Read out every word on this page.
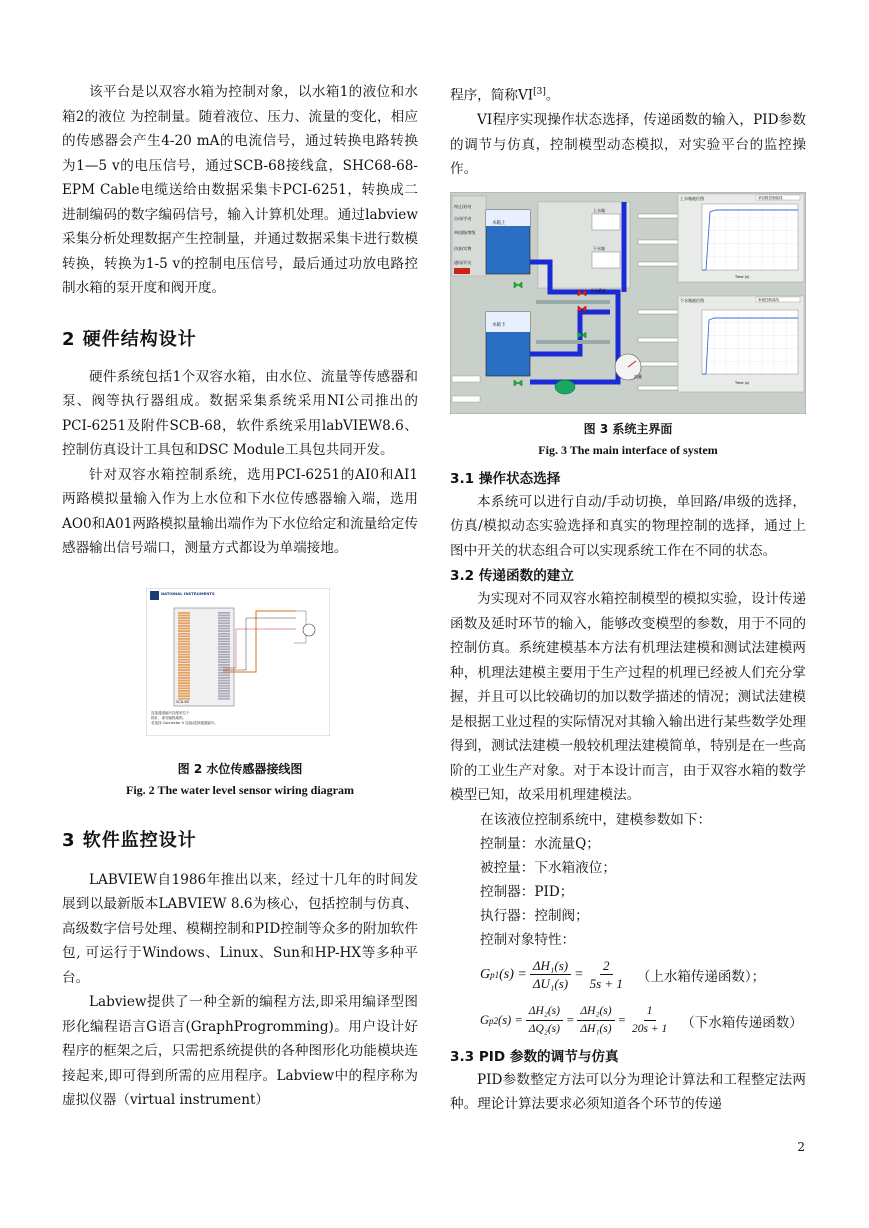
该平台是以双容水箱为控制对象，以水箱1的液位和水箱2的液位 为控制量。随着液位、压力、流量的变化，相应的传感器会产生4-20 mA的电流信号，通过转换电路转换为1—5 v的电压信号，通过SCB-68接线盒，SHC68-68-EPM Cable电缆送给由数据采集卡PCI-6251，转换成二进制编码的数字编码信号，输入计算机处理。通过labview采集分析处理数据产生控制量，并通过数据采集卡进行数模转换，转换为1-5 v的控制电压信号，最后通过功放电路控制水箱的泵开度和阀开度。

2 硬件结构设计

硬件系统包括1个双容水箱，由水位、流量等传感器和泵、阀等执行器组成。数据采集系统采用NI公司推出的PCI-6251及附件SCB-68，软件系统采用labVIEW8.6、控制仿真设计工具包和DSC Module工具包共同开发。

针对双容水箱控制系统，选用PCI-6251的AI0和AI1两路模拟量输入作为上水位和下水位传感器输入端，选用AO0和A01两路模拟量输出端作为下水位给定和流量给定传感器输出信号端口，测量方式都设为单端接地。

NATIONAL INSTRUMENTS
SCB-68
连接通道编号匹配单位于
指针，请勿编程地码。
若选择 Connector 0 连接/选择通道编号。
图 2 水位传感器接线图
Fig. 2 The water level sensor wiring diagram
3 软件监控设计

LABVIEW自1986年推出以来，经过十几年的时间发展到以最新版本LABVIEW 8.6为核心，包括控制与仿真、高级数字信号处理、模糊控制和PID控制等众多的附加软件包, 可运行于Windows、Linux、Sun和HP-HX等多种平台。

Labview提供了一种全新的编程方法,即采用编译型图形化编程语言G语言(GraphProgromming)。用户设计好程序的框架之后，只需把系统提供的各种图形化功能模块连接起来,即可得到所需的应用程序。Labview中的程序称为虚拟仪器（virtual instrument）

程序，简称VI[3]。

VI程序实现操作状态选择，传递函数的输入，PID参数的调节与仿真，控制模型动态模拟，对实验平台的监控操作。

停止/启动
自动/手动
单回路/串级
仿真/实物
通讯/开关
水箱上
水箱下
上水箱
下水箱
手动给定
流量
上水箱液位图	单回路控制曲线
Time (s)
下水箱液位图	串级控制曲线
Time (s)
图 3 系统主界面
Fig. 3 The main interface of system
3.1 操作状态选择

本系统可以进行自动/手动切换，单回路/串级的选择，仿真/模拟动态实验选择和真实的物理控制的选择，通过上图中开关的状态组合可以实现系统工作在不同的状态。

3.2 传递函数的建立

为实现对不同双容水箱控制模型的模拟实验，设计传递函数及延时环节的输入，能够改变模型的参数，用于不同的控制仿真。系统建模基本方法有机理法建模和测试法建模两种，机理法建模主要用于生产过程的机理已经被人们充分掌握，并且可以比较确切的加以数学描述的情况；测试法建模是根据工业过程的实际情况对其输入输出进行某些数学处理得到，测试法建模一般较机理法建模简单，特别是在一些高阶的工业生产对象。对于本设计而言，由于双容水箱的数学模型已知，故采用机理建模法。

在该液位控制系统中，建模参数如下：

控制量：水流量Q；

被控量：下水箱液位；

控制器：PID；

执行器：控制阀；

控制对象特性：

G p1 $(s) = \frac{\text{ΔH₁(s)}}{\text{ΔU₁(s)}} = \frac{2}{5s + 1}$ （上水箱传递函数）；
G p2 $(s) = \frac{\text{ΔH₂(s)}}{\text{ΔQ₂(s)}} = \frac{\text{ΔH₂(s)}}{\text{ΔH₁(s)}} = \frac{1}{20s + 1}$ （下水箱传递函数）
3.3 PID 参数的调节与仿真

PID参数整定方法可以分为理论计算法和工程整定法两种。理论计算法要求必须知道各个环节的传递

2
